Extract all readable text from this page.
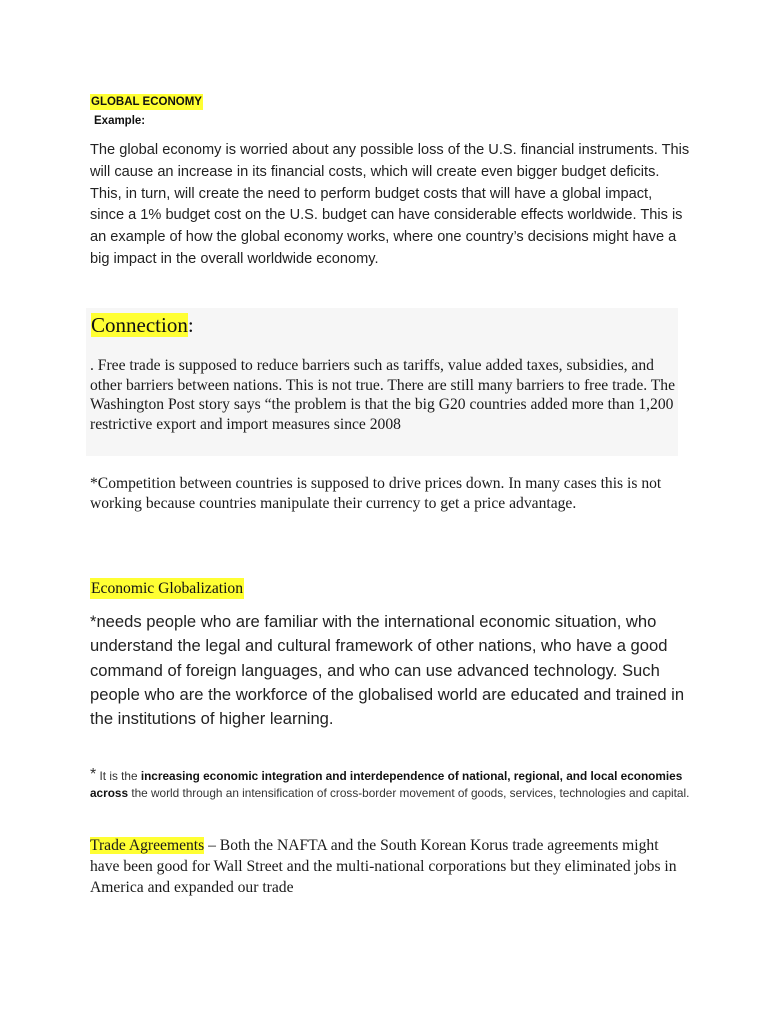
GLOBAL ECONOMY
Example:

The global economy is worried about any possible loss of the U.S. financial instruments. This will cause an increase in its financial costs, which will create even bigger budget deficits. This, in turn, will create the need to perform budget costs that will have a global impact, since a 1% budget cost on the U.S. budget can have considerable effects worldwide. This is an example of how the global economy works, where one country’s decisions might have a big impact in the overall worldwide economy.

Connection:

. Free trade is supposed to reduce barriers such as tariffs, value added taxes, subsidies, and other barriers between nations. This is not true. There are still many barriers to free trade. The Washington Post story says “the problem is that the big G20 countries added more than 1,200 restrictive export and import measures since 2008

*Competition between countries is supposed to drive prices down. In many cases this is not working because countries manipulate their currency to get a price advantage.

Economic Globalization

*needs people who are familiar with the international economic situation, who understand the legal and cultural framework of other nations, who have a good command of foreign languages, and who can use advanced technology. Such people who are the workforce of the globalised world are educated and trained in the institutions of higher learning.

* It is the increasing economic integration and interdependence of national, regional, and local economies across the world through an intensification of cross-border movement of goods, services, technologies and capital.

Trade Agreements – Both the NAFTA and the South Korean Korus trade agreements might have been good for Wall Street and the multi-national corporations but they eliminated jobs in America and expanded our trade
